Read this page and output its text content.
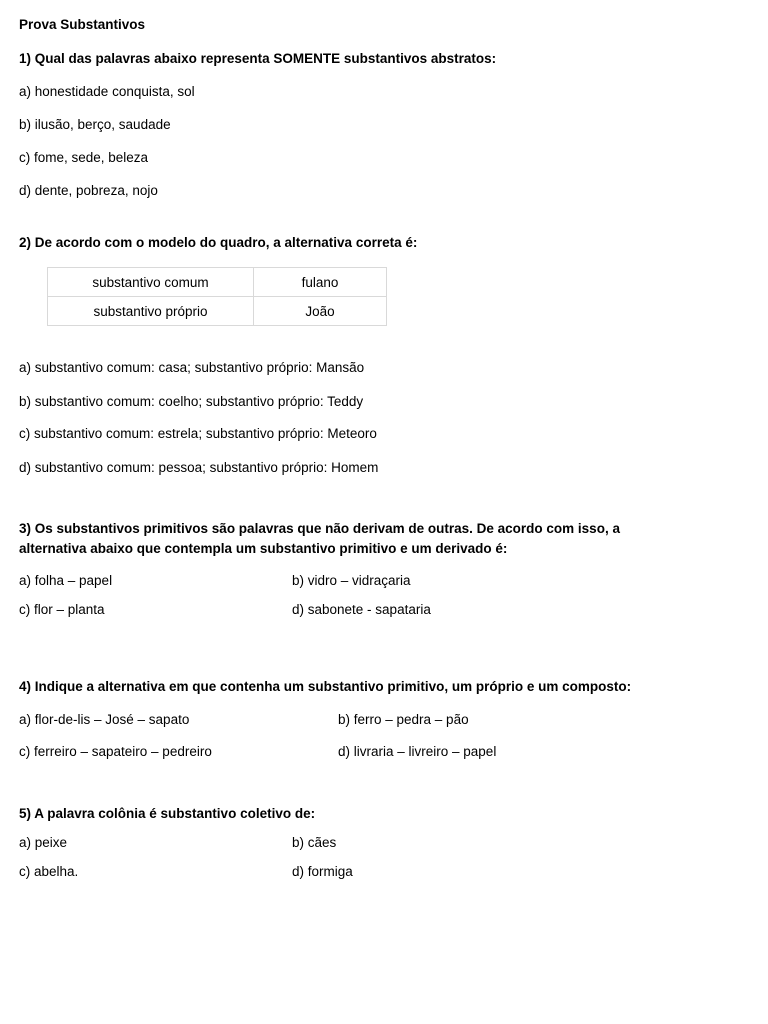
Prova Substantivos
1) Qual das palavras abaixo representa SOMENTE substantivos abstratos:
a) honestidade conquista, sol
b) ilusão, berço, saudade
c) fome, sede, beleza
d) dente, pobreza, nojo
2) De acordo com o modelo do quadro, a alternativa correta é:
substantivo comum	fulano
substantivo próprio	João
a) substantivo comum: casa; substantivo próprio: Mansão
b) substantivo comum: coelho; substantivo próprio: Teddy
c) substantivo comum: estrela; substantivo próprio: Meteoro
d) substantivo comum: pessoa; substantivo próprio: Homem
3) Os substantivos primitivos são palavras que não derivam de outras. De acordo com isso, a
alternativa abaixo que contempla um substantivo primitivo e um derivado é:
a) folha – papel	b) vidro – vidraçaria
c) flor – planta	d) sabonete - sapataria
4) Indique a alternativa em que contenha um substantivo primitivo, um próprio e um composto:
a) flor-de-lis – José – sapato	b) ferro – pedra – pão
c) ferreiro – sapateiro – pedreiro	d) livraria – livreiro – papel
5) A palavra colônia é substantivo coletivo de:
a) peixe	b) cães
c) abelha.	d) formiga
